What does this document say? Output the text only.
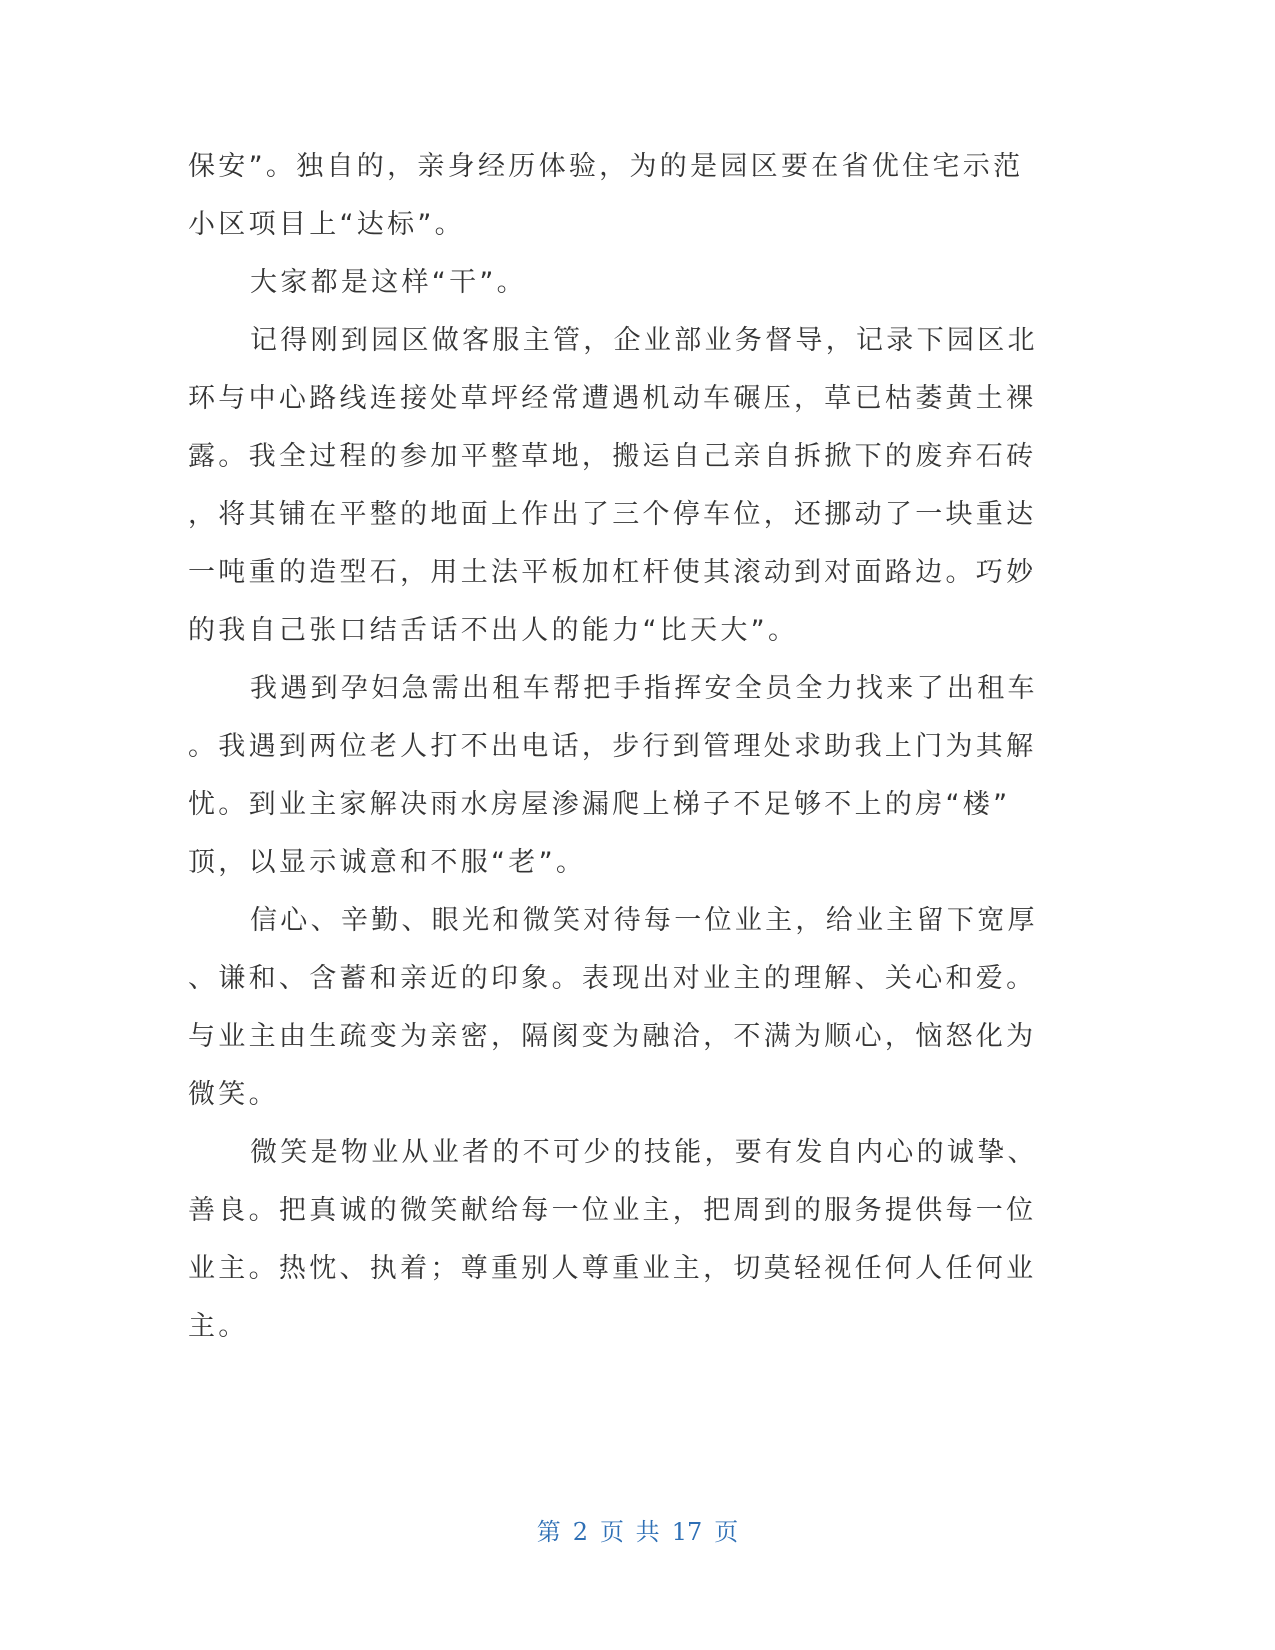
保安”。独自的，亲身经历体验，为的是园区要在省优住宅示范
小区项目上“达标”。
大家都是这样“干”。
记得刚到园区做客服主管，企业部业务督导，记录下园区北
环与中心路线连接处草坪经常遭遇机动车碾压，草已枯萎黄土裸
露。我全过程的参加平整草地，搬运自己亲自拆掀下的废弃石砖
，将其铺在平整的地面上作出了三个停车位，还挪动了一块重达
一吨重的造型石，用土法平板加杠杆使其滚动到对面路边。巧妙
的我自己张口结舌话不出人的能力“比天大”。
我遇到孕妇急需出租车帮把手指挥安全员全力找来了出租车
。我遇到两位老人打不出电话，步行到管理处求助我上门为其解
忧。到业主家解决雨水房屋渗漏爬上梯子不足够不上的房“楼”
顶，以显示诚意和不服“老”。
信心、辛勤、眼光和微笑对待每一位业主，给业主留下宽厚
、谦和、含蓄和亲近的印象。表现出对业主的理解、关心和爱。
与业主由生疏变为亲密，隔阂变为融洽，不满为顺心，恼怒化为
微笑。
微笑是物业从业者的不可少的技能，要有发自内心的诚挚、
善良。把真诚的微笑献给每一位业主，把周到的服务提供每一位
业主。热忱、执着；尊重别人尊重业主，切莫轻视任何人任何业
主。
第 2 页 共 17 页
